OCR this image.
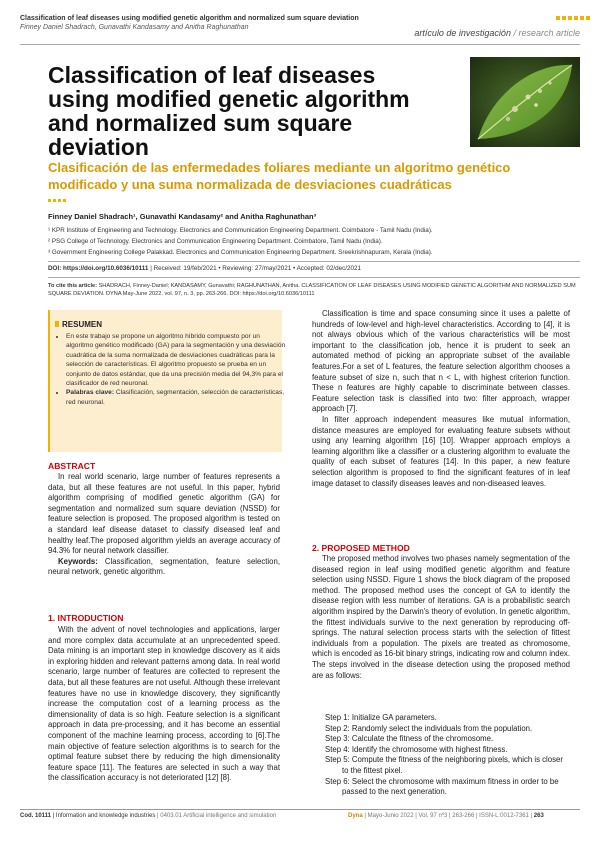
Classification of leaf diseases using modified genetic algorithm and normalized sum square deviation
Finney Daniel Shadrach, Gunavathi Kandasamy and Anitha Raghunathan
artículo de investigación / research article
Classification of leaf diseases using modified genetic algorithm and normalized sum square deviation
Clasificación de las enfermedades foliares mediante un algoritmo genético modificado y una suma normalizada de desviaciones cuadráticas
Finney Daniel Shadrach¹, Gunavathi Kandasamy² and Anitha Raghunathan³
¹ KPR Institute of Engineering and Technology. Electronics and Communication Engineering Department. Coimbatore - Tamil Nadu (India).
² PSG College of Technology. Electronics and Communication Engineering Department. Coimbatore, Tamil Nadu (India).
³ Government Engineering College Palakkad. Electronics and Communication Engineering Department. Sreekrishnapuram, Kerala (India).
DOI: https://doi.org/10.6036/10111 | Received: 19/feb/2021 • Reviewing: 27/may/2021 • Accepted: 02/dec/2021
To cite this article: SHADRACH, Finney-Daniel; KANDASAMY, Gunavathi; RAGHUNATHAN, Anitha. CLASSIFICATION OF LEAF DISEASES USING MODIFIED GENETIC ALGORITHM AND NORMALIZED SUM SQUARE DEVIATION. DYNA May-June 2022. vol. 97, n. 3, pp. 263-266. DOI: https://doi.org/10.6036/10111
RESUMEN
• En este trabajo se propone un algoritmo híbrido compuesto por un algoritmo genético modificado (GA) para la segmentación y una desviación cuadrática de la suma normalizada de desviaciones cuadráticas para la selección de características. El algoritmo propuesto se prueba en un conjunto de datos estándar, que da una precisión media del 94,3% para el clasificador de red neuronal.
• Palabras clave: Clasificación, segmentación, selección de características, red neuronal.
ABSTRACT

In real world scenario, large number of features represents a data, but all these features are not useful. In this paper, hybrid algorithm comprising of modified genetic algorithm (GA) for segmentation and normalized sum square deviation (NSSD) for feature selection is proposed. The proposed algorithm is tested on a standard leaf disease dataset to classify diseased leaf and healthy leaf.The proposed algorithm yields an average accuracy of 94.3% for neural network classifier.

Keywords: Classification, segmentation, feature selection, neural network, genetic algorithm.

1. INTRODUCTION

With the advent of novel technologies and applications, larger and more complex data accumulate at an unprecedented speed. Data mining is an important step in knowledge discovery as it aids in exploring hidden and relevant patterns among data. In real world scenario, large number of features are collected to represent the data, but all these features are not useful. Although these irrelevant features have no use in knowledge discovery, they significantly increase the computation cost of a learning process as the dimensionality of data is so high. Feature selection is a significant approach in data pre-processing, and it has become an essential component of the machine learning process, according to [6].The main objective of feature selection algorithms is to search for the optimal feature subset there by reducing the high dimensionality feature space [11]. The features are selected in such a way that the classification accuracy is not deteriorated [12] [8].

Classification is time and space consuming since it uses a palette of hundreds of low-level and high-level characteristics. According to [4], it is not always obvious which of the various characteristics will be most important to the classification job, hence it is prudent to seek an automated method of picking an appropriate subset of the available features.For a set of L features, the feature selection algorithm chooses a feature subset of size n, such that n < L, with highest criterion function. These n features are highly capable to discriminate between classes. Feature selection task is classified into two: filter approach, wrapper approach [7].

In filter approach independent measures like mutual information, distance measures are employed for evaluating feature subsets without using any learning algorithm [16] [10]. Wrapper approach employs a learning algorithm like a classifier or a clustering algorithm to evaluate the quality of each subset of features [14]. In this paper, a new feature selection algorithm is proposed to find the significant features of in leaf image dataset to classify diseases leaves and non-diseased leaves.

2. PROPOSED METHOD

The proposed method involves two phases namely segmentation of the diseased region in leaf using modified genetic algorithm and feature selection using NSSD. Figure 1 shows the block diagram of the proposed method. The proposed method uses the concept of GA to identify the disease region with less number of iterations. GA is a probabilistic search algorithm inspired by the Darwin's theory of evolution. In genetic algorithm, the fittest individuals survive to the next generation by reproducing off-springs. The natural selection process starts with the selection of fittest individuals from a population. The pixels are treated as chromosome, which is encoded as 16-bit binary strings, indicating row and column index. The steps involved in the disease detection using the proposed method are as follows:

Step 1: Initialize GA parameters.
Step 2: Randomly select the individuals from the population.
Step 3: Calculate the fitness of the chromosome.
Step 4: Identify the chromosome with highest fitness.
Step 5: Compute the fitness of the neighboring pixels, which is closer to the fittest pixel.
Step 6: Select the chromosome with maximum fitness in order to be passed to the next generation.
Cod. 10111 | Information and knowledge industries | 0403.01 Artificial intelligence and simulation	Dyna | Mayo-Junio 2022 | Vol. 97 nº3 | 263-266 | ISSN-L:0012-7361 | 263
